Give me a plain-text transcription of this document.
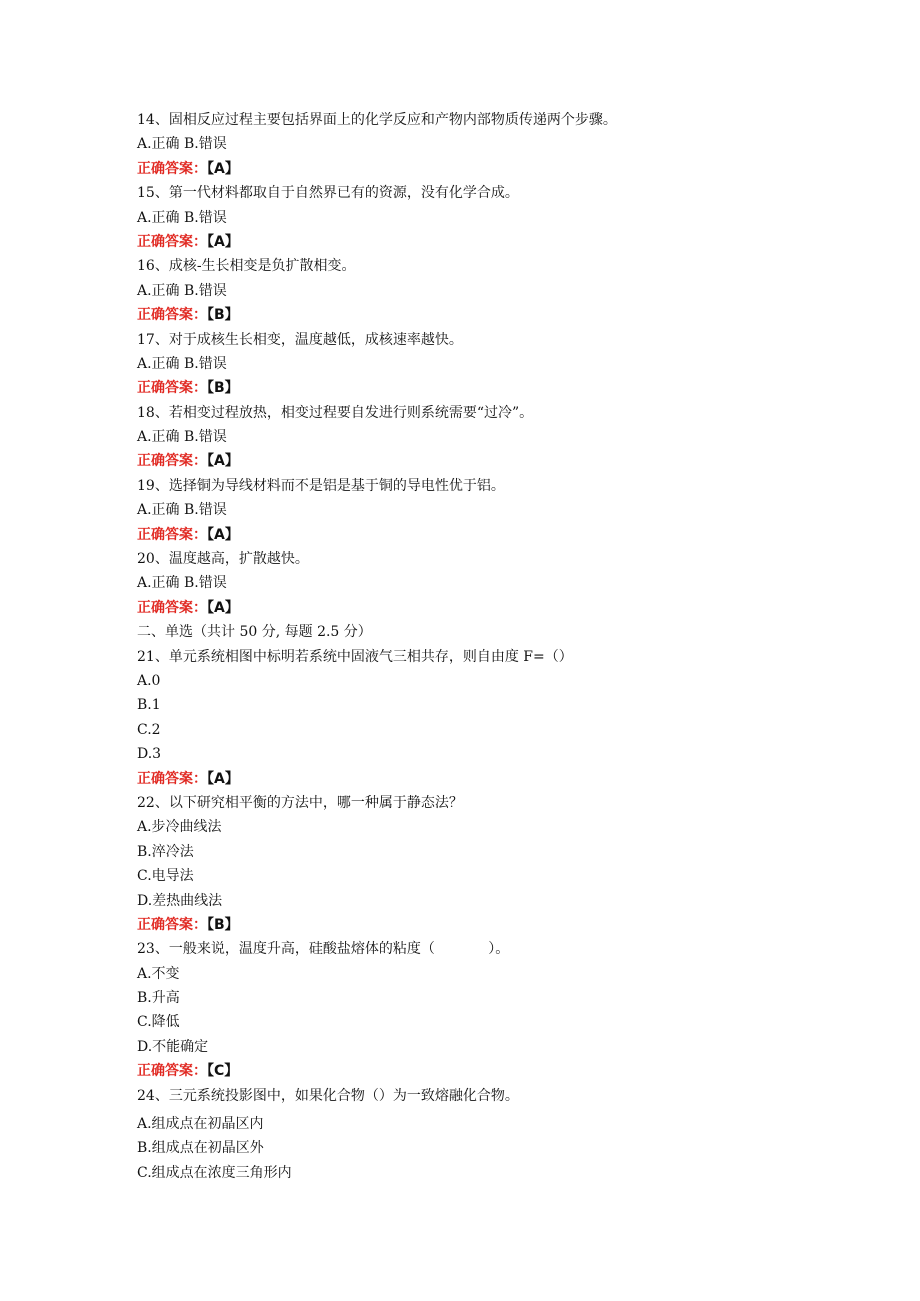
14、固相反应过程主要包括界面上的化学反应和产物内部物质传递两个步骤。
A.正确 B.错误
正确答案：【A】
15、第一代材料都取自于自然界已有的资源，没有化学合成。
A.正确 B.错误
正确答案：【A】
16、成核-生长相变是负扩散相变。
A.正确 B.错误
正确答案：【B】
17、对于成核生长相变，温度越低，成核速率越快。
A.正确 B.错误
正确答案：【B】
18、若相变过程放热，相变过程要自发进行则系统需要“过冷”。
A.正确 B.错误
正确答案：【A】
19、选择铜为导线材料而不是铝是基于铜的导电性优于铝。
A.正确 B.错误
正确答案：【A】
20、温度越高，扩散越快。
A.正确 B.错误
正确答案：【A】
二、单选（共计 50 分, 每题 2.5 分）
21、单元系统相图中标明若系统中固液气三相共存，则自由度 F=（）
A.0
B.1
C.2
D.3
正确答案：【A】
22、以下研究相平衡的方法中，哪一种属于静态法？
A.步冷曲线法
B.淬冷法
C.电导法
D.差热曲线法
正确答案：【B】
23、一般来说，温度升高，硅酸盐熔体的粘度（            ）。
A.不变
B.升高
C.降低
D.不能确定
正确答案：【C】
24、三元系统投影图中，如果化合物（）为一致熔融化合物。
A.组成点在初晶区内
B.组成点在初晶区外
C.组成点在浓度三角形内
